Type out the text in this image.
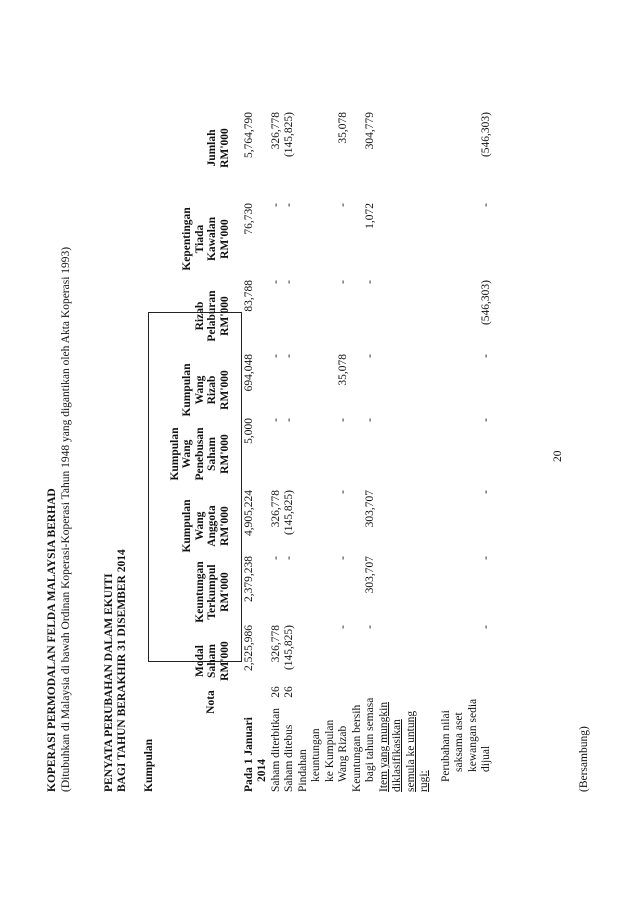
KOPERASI PERMODALAN FELDA MALAYSIA BERHAD (Ditubuhkan di Malaysia di bawah Ordinan Koperasi-Koperasi Tahun 1948 yang digantikan oleh Akta Koperasi 1993)	PENYATA PERUBAHAN DALAM EKUITI BAGI TAHUN BERAKHIR 31 DISEMBER 2014 Kumpulan
Nota
Modal
Saham
RM'000
Keuntungan
Terkumpul
RM'000
Kumpulan
Wang
Anggota
RM'000
Kumpulan
Wang
Penebusan
Saham
RM'000
Kumpulan
Wang
Rizab
RM'000
Rizab
Pelaburan
RM'000
Kepentingan
Tiada
Kawalan
RM'000
Jumlah
RM'000
Pada 1 Januari 2014 Saham diterbitkan Saham ditebus Pindahan keuntungan ke Kumpulan Wang Rizab Keuntungan bersih bagi tahun semasa Item yang mungkin diklasifikasikan semula ke untung rugi: Perubahan nilai saksama aset kewangan sedia dijual
26 26
2,525,986
2,379,238
4,905,224
5,000
694,048
83,788
76,730
5,764,790
326,778
-
326,778
-
-
-
-
326,778
(145,825)
-
(145,825)
-
-
-
-
(145,825)
-
-
-
-
35,078
-
-
35,078
-
303,707
303,707
-
-
-
1,072
304,779
-
-
-
-
-
(546,303)
-
(546,303)
(Bersambung)
20
